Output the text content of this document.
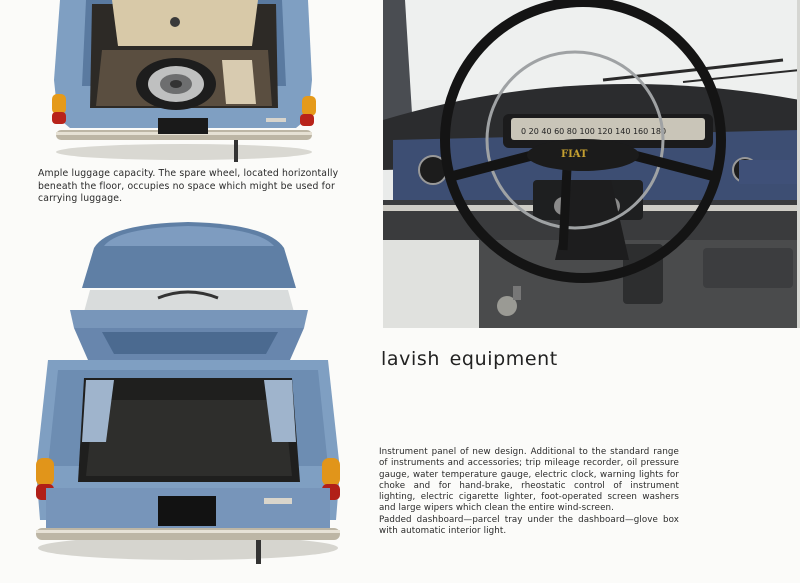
Ample luggage capacity. The spare wheel, located horizontally beneath the floor, occupies no space which might be used for carrying luggage.
0 20 40 60 80 100 120 140 160 180
FIAT
lavish equipment

Instrument panel of new design. Additional to the standard range of instruments and accessories; trip mileage recorder, oil pressure gauge, water temperature gauge, electric clock, warning lights for choke and for hand-brake, rheostatic control of instrument lighting, electric cigarette lighter, foot-operated screen washers and large wipers which clean the entire wind-screen.

Padded dashboard—parcel tray under the dashboard—glove box with automatic interior light.
